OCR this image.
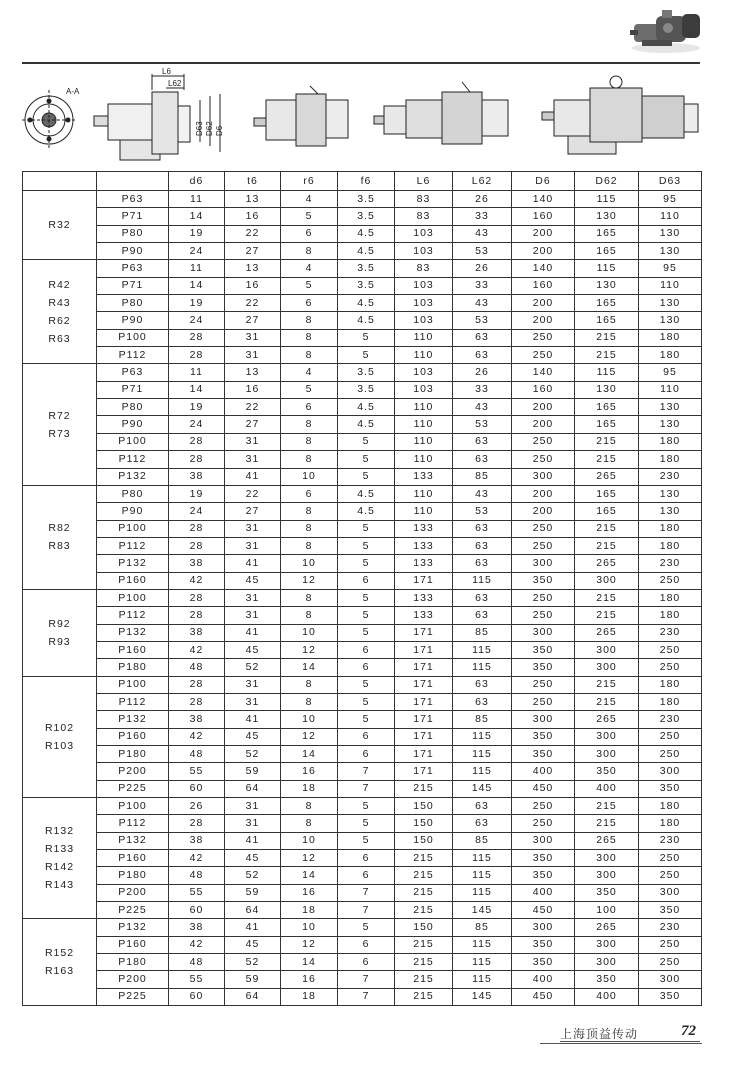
A-A
L6
L62
D63 D62 D6
		d6	t6	r6	f6	L6	L62	D6	D62	D63

R32	P63	11	13	4	3.5	83	26	140	115	95
	P71	14	16	5	3.5	83	33	160	130	110
	P80	19	22	6	4.5	103	43	200	165	130
	P90	24	27	8	4.5	103	53	200	165	130

R42
R43
R62
R63	P63	11	13	4	3.5	83	26	140	115	95
	P71	14	16	5	3.5	103	33	160	130	110
	P80	19	22	6	4.5	103	43	200	165	130
	P90	24	27	8	4.5	103	53	200	165	130
	P100	28	31	8	5	110	63	250	215	180
	P112	28	31	8	5	110	63	250	215	180

R72
R73	P63	11	13	4	3.5	103	26	140	115	95
	P71	14	16	5	3.5	103	33	160	130	110
	P80	19	22	6	4.5	110	43	200	165	130
	P90	24	27	8	4.5	110	53	200	165	130
	P100	28	31	8	5	110	63	250	215	180
	P112	28	31	8	5	110	63	250	215	180
	P132	38	41	10	5	133	85	300	265	230

R82
R83	P80	19	22	6	4.5	110	43	200	165	130
	P90	24	27	8	4.5	110	53	200	165	130
	P100	28	31	8	5	133	63	250	215	180
	P112	28	31	8	5	133	63	250	215	180
	P132	38	41	10	5	133	63	300	265	230
	P160	42	45	12	6	171	115	350	300	250

R92
R93	P100	28	31	8	5	133	63	250	215	180
	P112	28	31	8	5	133	63	250	215	180
	P132	38	41	10	5	171	85	300	265	230
	P160	42	45	12	6	171	115	350	300	250
	P180	48	52	14	6	171	115	350	300	250

R102
R103	P100	28	31	8	5	171	63	250	215	180
	P112	28	31	8	5	171	63	250	215	180
	P132	38	41	10	5	171	85	300	265	230
	P160	42	45	12	6	171	115	350	300	250
	P180	48	52	14	6	171	115	350	300	250
	P200	55	59	16	7	171	115	400	350	300
	P225	60	64	18	7	215	145	450	400	350

R132
R133
R142
R143	P100	26	31	8	5	150	63	250	215	180
	P112	28	31	8	5	150	63	250	215	180
	P132	38	41	10	5	150	85	300	265	230
	P160	42	45	12	6	215	115	350	300	250
	P180	48	52	14	6	215	115	350	300	250
	P200	55	59	16	7	215	115	400	350	300
	P225	60	64	18	7	215	145	450	100	350

R152
R163	P132	38	41	10	5	150	85	300	265	230
	P160	42	45	12	6	215	115	350	300	250
	P180	48	52	14	6	215	115	350	300	250
	P200	55	59	16	7	215	115	400	350	300
	P225	60	64	18	7	215	145	450	400	350
上海顶益传动	72
